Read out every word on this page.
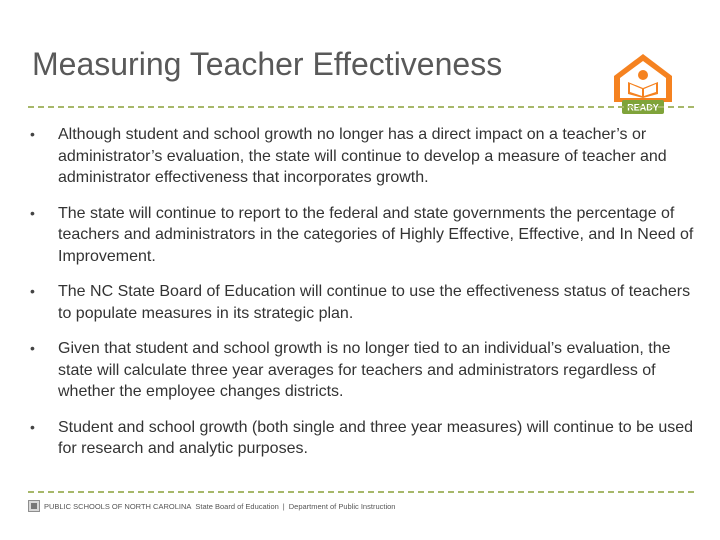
Measuring Teacher Effectiveness
READY
•	Although student and school growth no longer has a direct impact on a teacher’s or administrator’s evaluation, the state will continue to develop a measure of teacher and administrator effectiveness that incorporates growth.
•	The state will continue to report to the federal and state governments the percentage of teachers and administrators in the categories of Highly Effective, Effective, and In Need of Improvement.
•	The NC State Board of Education will continue to use the effectiveness status of teachers to populate measures in its strategic plan.
•	Given that student and school growth is no longer tied to an individual’s evaluation, the state will calculate three year averages for teachers and administrators regardless of whether the employee changes districts.
•	Student and school growth (both single and three year measures) will continue to be used for research and analytic purposes.
PUBLIC SCHOOLS OF NORTH CAROLINA State Board of Education | Department of Public Instruction
